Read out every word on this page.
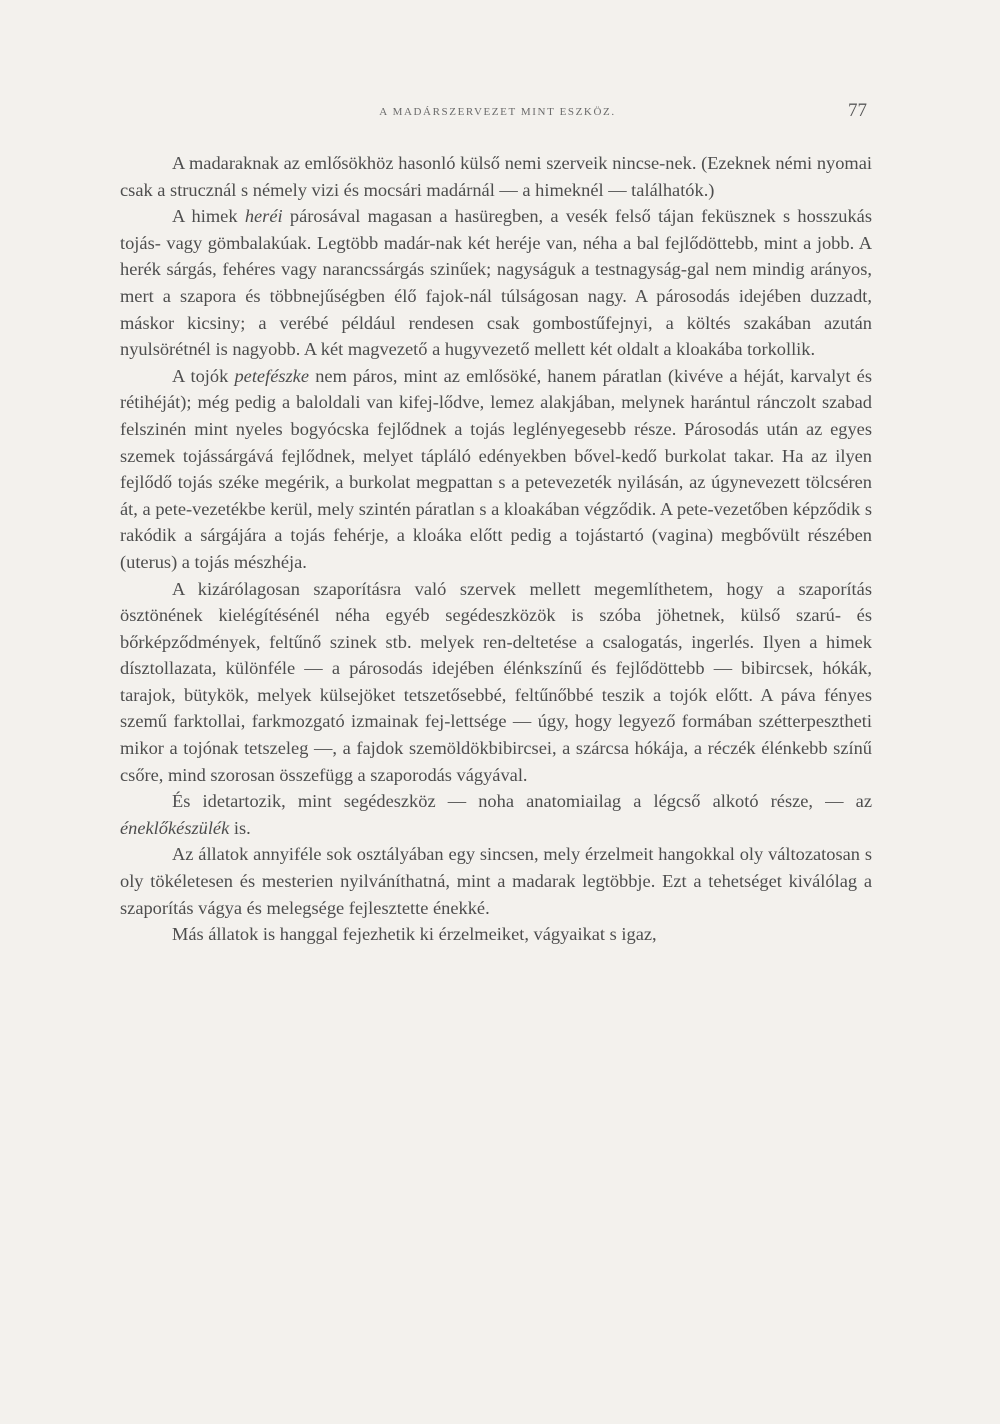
A MADÁRSZERVEZET MINT ESZKÖZ.	77

A madaraknak az emlősökhöz hasonló külső nemi szerveik nincse-nek. (Ezeknek némi nyomai csak a strucznál s némely vizi és mocsári madárnál — a himeknél — találhatók.)

A himek heréi párosával magasan a hasüregben, a vesék felső tájan feküsznek s hosszukás tojás- vagy gömbalakúak. Legtöbb madár-nak két heréje van, néha a bal fejlődöttebb, mint a jobb. A herék sárgás, fehéres vagy narancssárgás szinűek; nagyságuk a testnagyság-gal nem mindig arányos, mert a szapora és többnejűségben élő fajok-nál túlságosan nagy. A párosodás idejében duzzadt, máskor kicsiny; a verébé például rendesen csak gombostűfejnyi, a költés szakában azután nyulsörétnél is nagyobb. A két magvezető a hugyvezető mellett két oldalt a kloakába torkollik.

A tojók petefészke nem páros, mint az emlősöké, hanem páratlan (kivéve a héját, karvalyt és rétihéját); még pedig a baloldali van kifej-lődve, lemez alakjában, melynek harántul ránczolt szabad felszinén mint nyeles bogyócska fejlődnek a tojás leglényegesebb része. Párosodás után az egyes szemek tojássárgává fejlődnek, melyet tápláló edényekben bővel-kedő burkolat takar. Ha az ilyen fejlődő tojás széke megérik, a burkolat megpattan s a petevezeték nyilásán, az úgynevezett tölcséren át, a pete-vezetékbe kerül, mely szintén páratlan s a kloakában végződik. A pete-vezetőben képződik s rakódik a sárgájára a tojás fehérje, a kloáka előtt pedig a tojástartó (vagina) megbővült részében (uterus) a tojás mészhéja.

A kizárólagosan szaporításra való szervek mellett megemlíthetem, hogy a szaporítás ösztönének kielégítésénél néha egyéb segédeszközök is szóba jöhetnek, külső szarú- és bőrképződmények, feltűnő szinek stb. melyek ren-deltetése a csalogatás, ingerlés. Ilyen a himek dísztollazata, különféle — a párosodás idejében élénkszínű és fejlődöttebb — bibircsek, hókák, tarajok, bütykök, melyek külsejöket tetszetősebbé, feltűnőbbé teszik a tojók előtt. A páva fényes szemű farktollai, farkmozgató izmainak fej-lettsége — úgy, hogy legyező formában szétterpesztheti mikor a tojónak tetszeleg —, a fajdok szemöldökbibircsei, a szárcsa hókája, a réczék élénkebb színű csőre, mind szorosan összefügg a szaporodás vágyával.

És idetartozik, mint segédeszköz — noha anatomiailag a légcső alkotó része, — az éneklőkészülék is.

Az állatok annyiféle sok osztályában egy sincsen, mely érzelmeit hangokkal oly változatosan s oly tökéletesen és mesterien nyilváníthatná, mint a madarak legtöbbje. Ezt a tehetséget kiválólag a szaporítás vágya és melegsége fejlesztette énekké.

Más állatok is hanggal fejezhetik ki érzelmeiket, vágyaikat s igaz,
